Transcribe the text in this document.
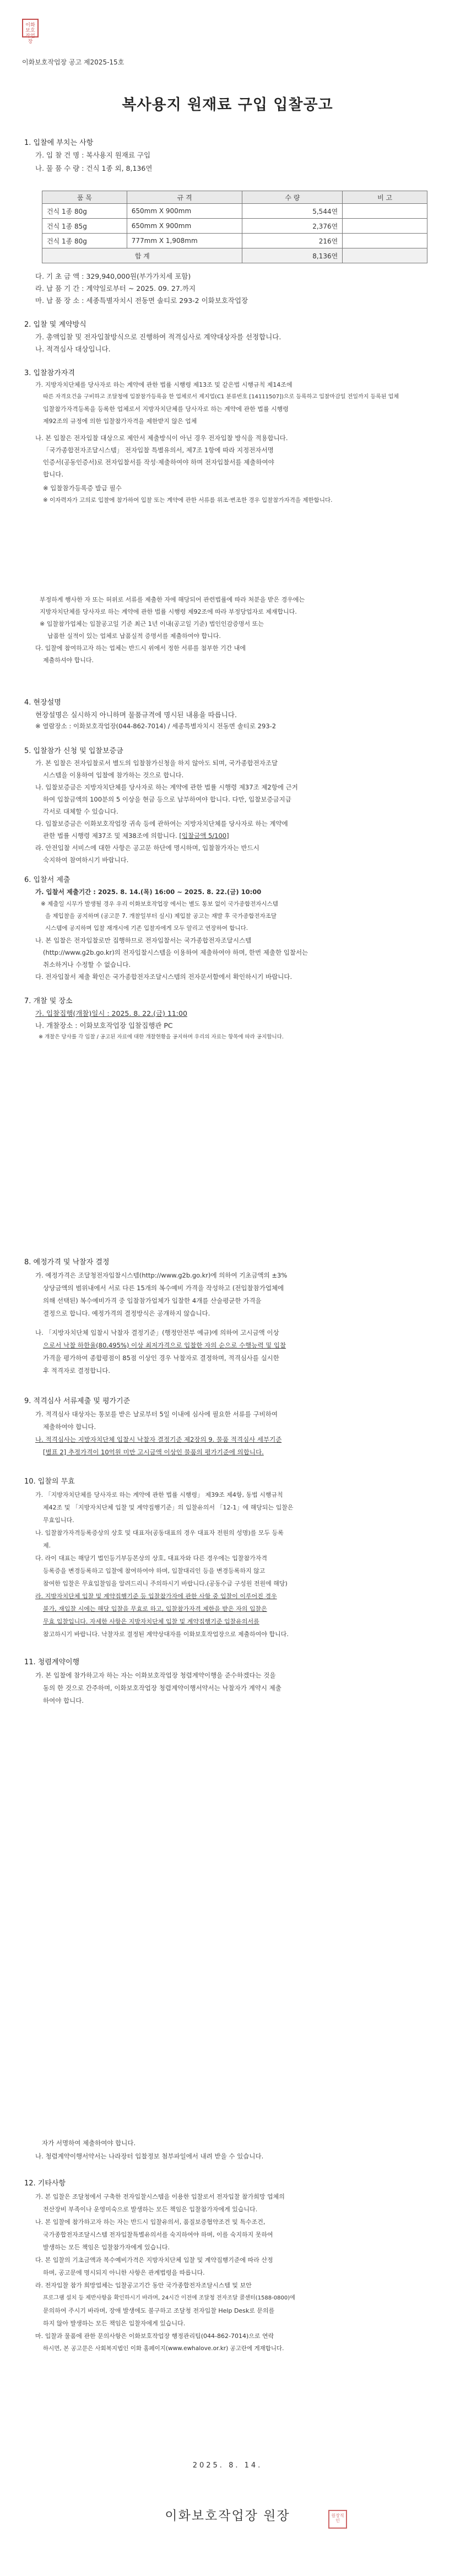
이화보호작업장
이화보호작업장 공고 제2025-15호
복사용지 원재료 구입 입찰공고
1. 입찰에 부치는 사항
가. 입 찰 건 명 : 복사용지 원재료 구입
나. 물 품 수 량 : 건식 1종 외, 8,136연
품 목	규 격	수 량	비 고
건식 1종 80g	650mm X 900mm	5,544연	
건식 1종 85g	650mm X 900mm	2,376연	
건식 1종 80g	777mm X 1,908mm	216연	
합 계		8,136연	
다. 기 초 금 액 : 329,940,000원(부가가치세 포함)
라. 납 품 기 간 : 계약일로부터 ~ 2025. 09. 27.까지
마. 납 품 장 소 : 세종특별자치시 전동면 솔티로 293-2 이화보호작업장
2. 입찰 및 계약방식
가. 총액입찰 및 전자입찰방식으로 진행하여 적격심사로 계약대상자를 선정합니다.
나. 적격심사 대상입니다.
3. 입찰참가자격
가. 지방자치단체를 당사자로 하는 계약에 관한 법률 시행령 제13조 및 같은법 시행규칙 제14조에
따른 자격요건을 구비하고 조달청에 입찰참가등록을 한 업체로서 제지업(C1 분류번호 [14111507])으로 등록하고 입찰마감일 전일까지 등록된 업체
입찰참가자격등록을 등록한 업체로서 지방자치단체를 당사자로 하는 계약에 관한 법률 시행령
제92조의 규정에 의한 입찰참가자격을 제한받지 않은 업체
나. 본 입찰은 전자입찰 대상으로 제안서 제출방식이 아닌 경우 전자입찰 방식을 적용합니다.
「국가종합전자조달시스템」 전자입찰 특별유의서, 제7조 1항에 따라 지정전자서명
인증서(공동인증서)로 전자입찰서를 작성·제출하여야 하며 전자입찰서를 제출하여야
합니다.
※ 입찰참가등록증 발급 필수
※ 이자력자가 고의로 입찰에 참가하여 입찰 또는 계약에 관한 서류를 위조·변조한 경우 입찰참가자격을 제한합니다.
부정하게 행사한 자 또는 허위로 서류를 제출한 자에 해당되어 관련법률에 따라 처분을 받은 경우에는
지방자치단체를 당사자로 하는 계약에 관한 법률 시행령 제92조에 따라 부정당업자로 제재합니다.
※ 입찰참가업체는 입찰공고일 기준 최근 1년 이내(공고일 기준) 법인인감증명서 또는
납품한 실적이 있는 업체로 납품실적 증명서를 제출하여야 합니다.
다. 입찰에 참여하고자 하는 업체는 반드시 위에서 정한 서류를 첨부한 기간 내에
제출하셔야 합니다.
4. 현장설명
현장설명은 실시하지 아니하며 물품규격에 명시된 내용을 따릅니다.
※ 열람장소 : 이화보호작업장(044-862-7014) / 세종특별자치시 전동면 솔티로 293-2
5. 입찰참가 신청 및 입찰보증금
가. 본 입찰은 전자입찰로서 별도의 입찰참가신청을 하지 않아도 되며, 국가종합전자조달
시스템을 이용하여 입찰에 참가하는 것으로 합니다.
나. 입찰보증금은 지방자치단체를 당사자로 하는 계약에 관한 법률 시행령 제37조 제2항에 근거
하여 입찰금액의 100분의 5 이상을 현금 등으로 납부하여야 합니다. 다만, 입찰보증금지급
각서로 대체할 수 있습니다.
다. 입찰보증금은 이화보호작업장 귀속 등에 관하여는 지방자치단체를 당사자로 하는 계약에
관한 법률 시행령 제37조 및 제38조에 의합니다. [입찰금액 5/100]
라. 안전입찰 서비스에 대한 사항은 공고문 하단에 명시하며, 입찰참가자는 반드시
숙지하여 참여하시기 바랍니다.
6. 입찰서 제출
가. 입찰서 제출기간 : 2025. 8. 14.(목) 16:00 ~ 2025. 8. 22.(금) 10:00
※ 제출일 시무가 발생될 경우 우리 이화보호작업장 에서는 별도 통보 없이 국가종합전자시스템
을 제입찰을 공지하며 (공고문 7. 개찰일부터 실시) 제입찰 공고는 재발 후 국가종합전자조달
시스템에 공지하며 입찰 재개시에 기존 입찰자에게 모두 알리고 연장하여 합니다.
나. 본 입찰은 전자입찰로만 집행하므로 전자입찰서는 국가종합전자조달시스템
(http://www.g2b.go.kr)의 전자입찰시스템을 이용하여 제출하여야 하며, 한번 제출한 입찰서는
취소하거나 수정할 수 없습니다.
다. 전자입찰서 제출 확인은 국가종합전자조달시스템의 전자문서함에서 확인하시기 바랍니다.
7. 개찰 및 장소
가. 입찰집행(개찰)일시 : 2025. 8. 22.(금) 11:00
나. 개찰장소 : 이화보호작업장 입찰집행관 PC
※ 개찰은 당사를 각 입찰 / 공고된 자료에 대한 개찰현황을 공지하며 우리의 자료는 항목에 따라 공지합니다.
8. 예정가격 및 낙찰자 결정
가. 예정가격은 조달청전자입찰시스템(http://www.g2b.go.kr)에 의하여 기초금액의 ±3%
상당금액의 범위내에서 서로 다른 15개의 복수예비 가격을 작성하고 (전입찰참가업체에
의해 선택된) 복수예비가격 중 입찰참가업체가 입찰한 4개를 산술평균한 가격을
결정으로 합니다. 예정가격의 결정방식은 공개하지 않습니다.
나. 「지방자치단체 입찰시 낙찰자 결정기준」(행정안전부 예규)에 의하여 고시금액 이상
으로서 낙찰 하한율(80.495%) 이상 최저가격으로 입찰한 자의 순으로 수행능력 및 입찰
가격을 평가하여 종합평점이 85점 이상인 경우 낙찰자로 결정하며, 적격심사를 실시한
후 적격자로 결정합니다.
9. 적격심사 서류제출 및 평가기준
가. 적격심사 대상자는 통보를 받은 날로부터 5일 이내에 심사에 필요한 서류를 구비하여
제출하여야 합니다.
나. 적격심사는 지방자치단체 입찰시 낙찰자 결정기준 제2장의 9. 물품 적격심사 세부기준
[별표 2] 추정가격이 10억원 미만 고시금액 이상인 물품의 평가기준에 의합니다.
10. 입찰의 무효
가. 「지방자치단체를 당사자로 하는 계약에 관한 법률 시행령」 제39조 제4항, 동법 시행규칙
제42조 및 「지방자치단체 입찰 및 계약집행기준」의 입찰유의서 「12-1」에 해당되는 입찰은
무효입니다.
나. 입찰참가자격등록증상의 상호 및 대표자(공동대표의 경우 대표자 전원의 성명)를 모두 등록
제.
다. 라이 대표는 해당기 법인등기부등본상의 상호, 대표자와 다른 경우에는 입찰참가자격
등록증을 변경등록하고 입찰에 참여하여야 하며, 입찰대리인 등을 변경등록하지 않고
참여한 입찰은 무효입찰임을 알려드리니 주의하시기 바랍니다.(공동수급 구성원 전원에 해당)
라. 지방자치단체 입찰 및 계약집행기준 등 입찰참가자에 관한 사항 중 입찰이 이루어진 경우
불가, 재입찰 시에는 해당 입찰을 무효로 하고, 입찰참가자격 제한을 받은 자의 입찰은
무효 입찰입니다. 자세한 사항은 지방자치단체 입찰 및 계약집행기준 입찰유의서를
참고하시기 바랍니다. 낙찰자로 결정된 계약상대자를 이화보호작업장으로 제출하여야 합니다.
11. 청렴계약이행
가. 본 입찰에 참가하고자 하는 자는 이화보호작업장 청렴계약이행을 준수하겠다는 것을
동의 한 것으로 간주하며, 이화보호작업장 청렴계약이행서약서는 낙찰자가 계약시 제출
하여야 합니다.
자가 서명하여 제출하여야 합니다.
나. 청렴계약이행서약서는 나라장터 입찰정보 첨부파일에서 내려 받을 수 있습니다.
12. 기타사항
가. 본 입찰은 조달청에서 구축한 전자입찰시스템을 이용한 입찰로서 전자입찰 참가희망 업체의
전산장비 부족이나 운영미숙으로 발생하는 모든 책임은 입찰참가자에게 있습니다.
나. 본 입찰에 참가하고자 하는 자는 반드시 입찰유의서, 품질보증협약조건 및 특수조건,
국가종합전자조달시스템 전자입찰특별유의서를 숙지하여야 하며, 이를 숙지하지 못하여
발생하는 모든 책임은 입찰참가자에게 있습니다.
다. 본 입찰의 기초금액과 복수예비가격은 지방자치단체 입찰 및 계약집행기준에 따라 산정
하며, 공고문에 명시되지 아니한 사항은 관계법령을 따릅니다.
라. 전자입찰 참가 희망업체는 입찰공고기간 동안 국가종합전자조달시스템 및 보안
프로그램 설치 등 제반사항을 확인하시기 바라며, 24시간 이전에 조달청 전자조달 콜센터(1588-0800)에
문의하여 주시기 바라며, 장애 발생에도 불구하고 조달청 전자입찰 Help Desk로 문의를
하지 않아 발생하는 모든 책임은 입찰자에게 있습니다.
마. 입찰과 물품에 관한 문의사항은 이화보호작업장 행정관리팀(044-862-7014)으로 연락
하시면, 본 공고문은 사회복지법인 이화 홈페이지(www.ewhalove.or.kr) 공고란에 게재합니다.
2025. 8. 14.
이화보호작업장 원장	원장직인
